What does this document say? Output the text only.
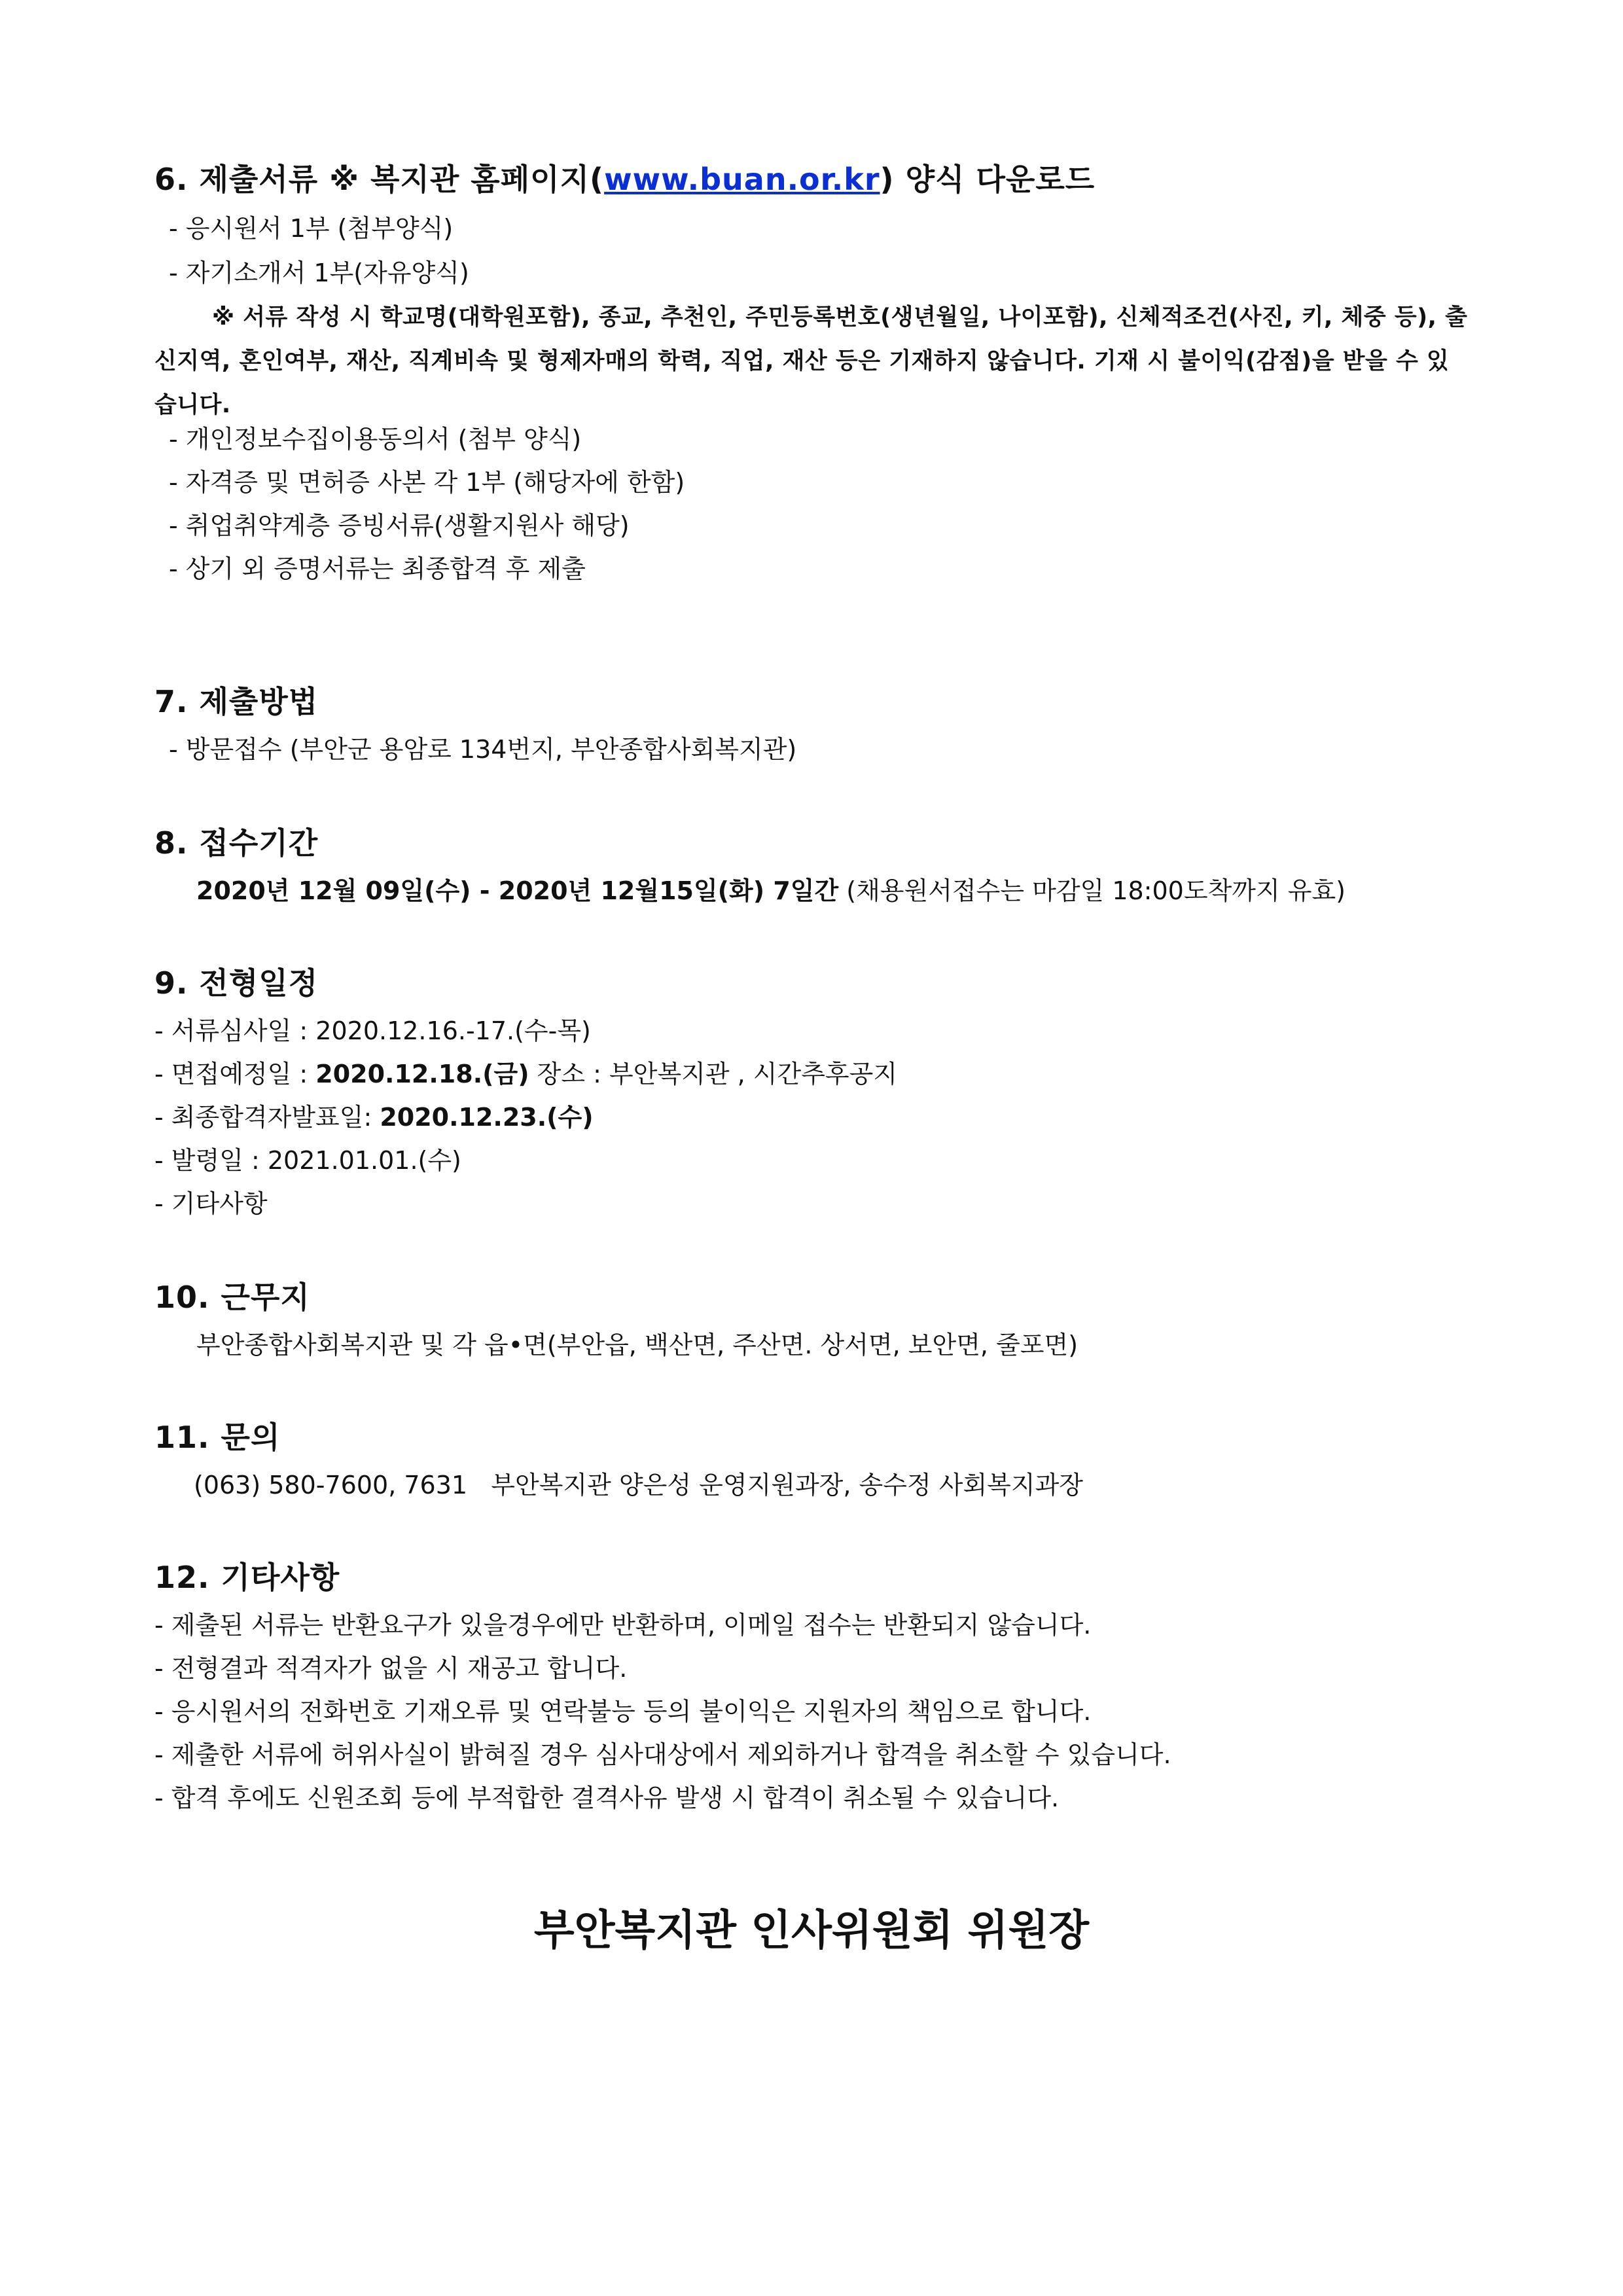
6. 제출서류 ※ 복지관 홈페이지(www.buan.or.kr) 양식 다운로드
- 응시원서 1부 (첨부양식)
- 자기소개서 1부(자유양식)
※ 서류 작성 시 학교명(대학원포함), 종교, 추천인, 주민등록번호(생년월일, 나이포함), 신체적조건(사진, 키, 체중 등), 출신지역, 혼인여부, 재산, 직계비속 및 형제자매의 학력, 직업, 재산 등은 기재하지 않습니다. 기재 시 불이익(감점)을 받을 수 있습니다.
- 개인정보수집이용동의서 (첨부 양식)
- 자격증 및 면허증 사본 각 1부 (해당자에 한함)
- 취업취약계층 증빙서류(생활지원사 해당)
- 상기 외 증명서류는 최종합격 후 제출
7. 제출방법
- 방문접수 (부안군 용암로 134번지, 부안종합사회복지관)
8. 접수기간
2020년 12월 09일(수) - 2020년 12월15일(화) 7일간 (채용원서접수는 마감일 18:00도착까지 유효)
9. 전형일정
- 서류심사일 : 2020.12.16.-17.(수-목)
- 면접예정일 : 2020.12.18.(금) 장소 : 부안복지관 , 시간추후공지
- 최종합격자발표일: 2020.12.23.(수)
- 발령일 : 2021.01.01.(수)
- 기타사항
10. 근무지
부안종합사회복지관 및 각 읍•면(부안읍, 백산면, 주산면. 상서면, 보안면, 줄포면)
11. 문의
(063) 580-7600, 7631   부안복지관 양은성 운영지원과장, 송수정 사회복지과장
12. 기타사항
- 제출된 서류는 반환요구가 있을경우에만 반환하며, 이메일 접수는 반환되지 않습니다.
- 전형결과 적격자가 없을 시 재공고 합니다.
- 응시원서의 전화번호 기재오류 및 연락불능 등의 불이익은 지원자의 책임으로 합니다.
- 제출한 서류에 허위사실이 밝혀질 경우 심사대상에서 제외하거나 합격을 취소할 수 있습니다.
- 합격 후에도 신원조회 등에 부적합한 결격사유 발생 시 합격이 취소될 수 있습니다.
부안복지관 인사위원회 위원장
